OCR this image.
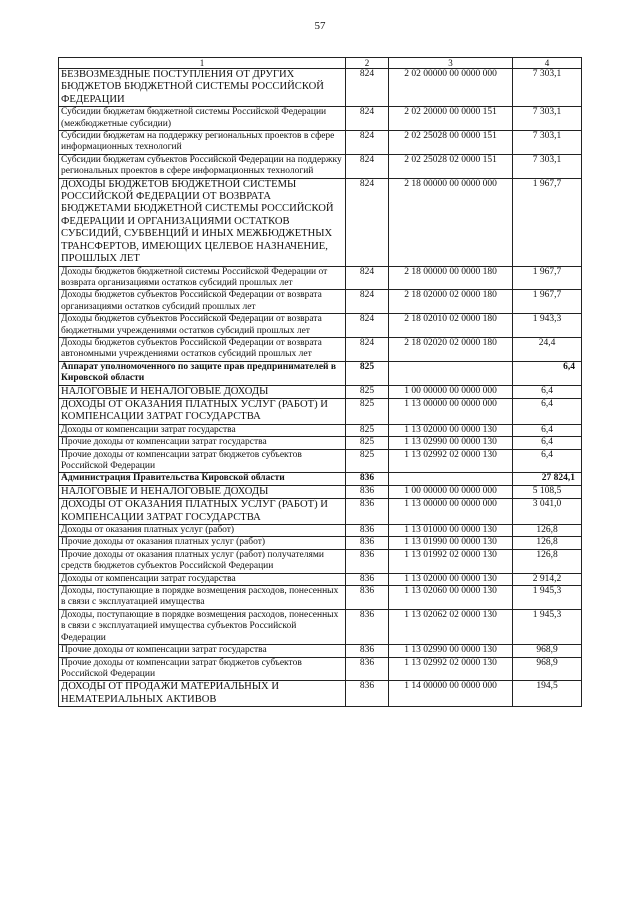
57
1	2	3	4
БЕЗВОЗМЕЗДНЫЕ ПОСТУПЛЕНИЯ ОТ ДРУГИХ БЮДЖЕТОВ БЮДЖЕТНОЙ СИСТЕМЫ РОССИЙСКОЙ ФЕДЕРАЦИИ	824	2 02 00000 00 0000 000	7 303,1
Субсидии бюджетам бюджетной системы Российской Федерации (межбюджетные субсидии)	824	2 02 20000 00 0000 151	7 303,1
Субсидии бюджетам на поддержку региональных проектов в сфере информационных технологий	824	2 02 25028 00 0000 151	7 303,1
Субсидии бюджетам субъектов Российской Федерации на поддержку региональных проектов в сфере информационных технологий	824	2 02 25028 02 0000 151	7 303,1
ДОХОДЫ БЮДЖЕТОВ БЮДЖЕТНОЙ СИСТЕМЫ РОССИЙСКОЙ ФЕДЕРАЦИИ ОТ ВОЗВРАТА БЮДЖЕТАМИ БЮДЖЕТНОЙ СИСТЕМЫ РОССИЙСКОЙ ФЕДЕРАЦИИ И ОРГАНИЗАЦИЯМИ ОСТАТКОВ СУБСИДИЙ, СУБВЕНЦИЙ И ИНЫХ МЕЖБЮДЖЕТНЫХ ТРАНСФЕРТОВ, ИМЕЮЩИХ ЦЕЛЕВОЕ НАЗНАЧЕНИЕ, ПРОШЛЫХ ЛЕТ	824	2 18 00000 00 0000 000	1 967,7
Доходы бюджетов бюджетной системы Российской Федерации от возврата организациями остатков субсидий прошлых лет	824	2 18 00000 00 0000 180	1 967,7
Доходы бюджетов субъектов Российской Федерации от возврата организациями остатков субсидий прошлых лет	824	2 18 02000 02 0000 180	1 967,7
Доходы бюджетов субъектов Российской Федерации от возврата бюджетными учреждениями остатков субсидий прошлых лет	824	2 18 02010 02 0000 180	1 943,3
Доходы бюджетов субъектов Российской Федерации от возврата автономными учреждениями остатков субсидий прошлых лет	824	2 18 02020 02 0000 180	24,4
Аппарат уполномоченного по защите прав предпринимателей в Кировской области	825		6,4
НАЛОГОВЫЕ И НЕНАЛОГОВЫЕ ДОХОДЫ	825	1 00 00000 00 0000 000	6,4
ДОХОДЫ ОТ ОКАЗАНИЯ ПЛАТНЫХ УСЛУГ (РАБОТ) И КОМПЕНСАЦИИ ЗАТРАТ ГОСУДАРСТВА	825	1 13 00000 00 0000 000	6,4
Доходы от компенсации затрат государства	825	1 13 02000 00 0000 130	6,4
Прочие доходы от компенсации затрат государства	825	1 13 02990 00 0000 130	6,4
Прочие доходы от компенсации затрат бюджетов субъектов Российской Федерации	825	1 13 02992 02 0000 130	6,4
Администрация Правительства Кировской области	836		27 824,1
НАЛОГОВЫЕ И НЕНАЛОГОВЫЕ ДОХОДЫ	836	1 00 00000 00 0000 000	5 108,5
ДОХОДЫ ОТ ОКАЗАНИЯ ПЛАТНЫХ УСЛУГ (РАБОТ) И КОМПЕНСАЦИИ ЗАТРАТ ГОСУДАРСТВА	836	1 13 00000 00 0000 000	3 041,0
Доходы от оказания платных услуг (работ)	836	1 13 01000 00 0000 130	126,8
Прочие доходы от оказания платных услуг (работ)	836	1 13 01990 00 0000 130	126,8
Прочие доходы от оказания платных услуг (работ) получателями средств бюджетов субъектов Российской Федерации	836	1 13 01992 02 0000 130	126,8
Доходы от компенсации затрат государства	836	1 13 02000 00 0000 130	2 914,2
Доходы, поступающие в порядке возмещения расходов, понесенных в связи с эксплуатацией имущества	836	1 13 02060 00 0000 130	1 945,3
Доходы, поступающие в порядке возмещения расходов, понесенных в связи с эксплуатацией имущества субъектов Российской Федерации	836	1 13 02062 02 0000 130	1 945,3
Прочие доходы от компенсации затрат государства	836	1 13 02990 00 0000 130	968,9
Прочие доходы от компенсации затрат бюджетов субъектов Российской Федерации	836	1 13 02992 02 0000 130	968,9
ДОХОДЫ ОТ ПРОДАЖИ МАТЕРИАЛЬНЫХ И НЕМАТЕРИАЛЬНЫХ АКТИВОВ	836	1 14 00000 00 0000 000	194,5
